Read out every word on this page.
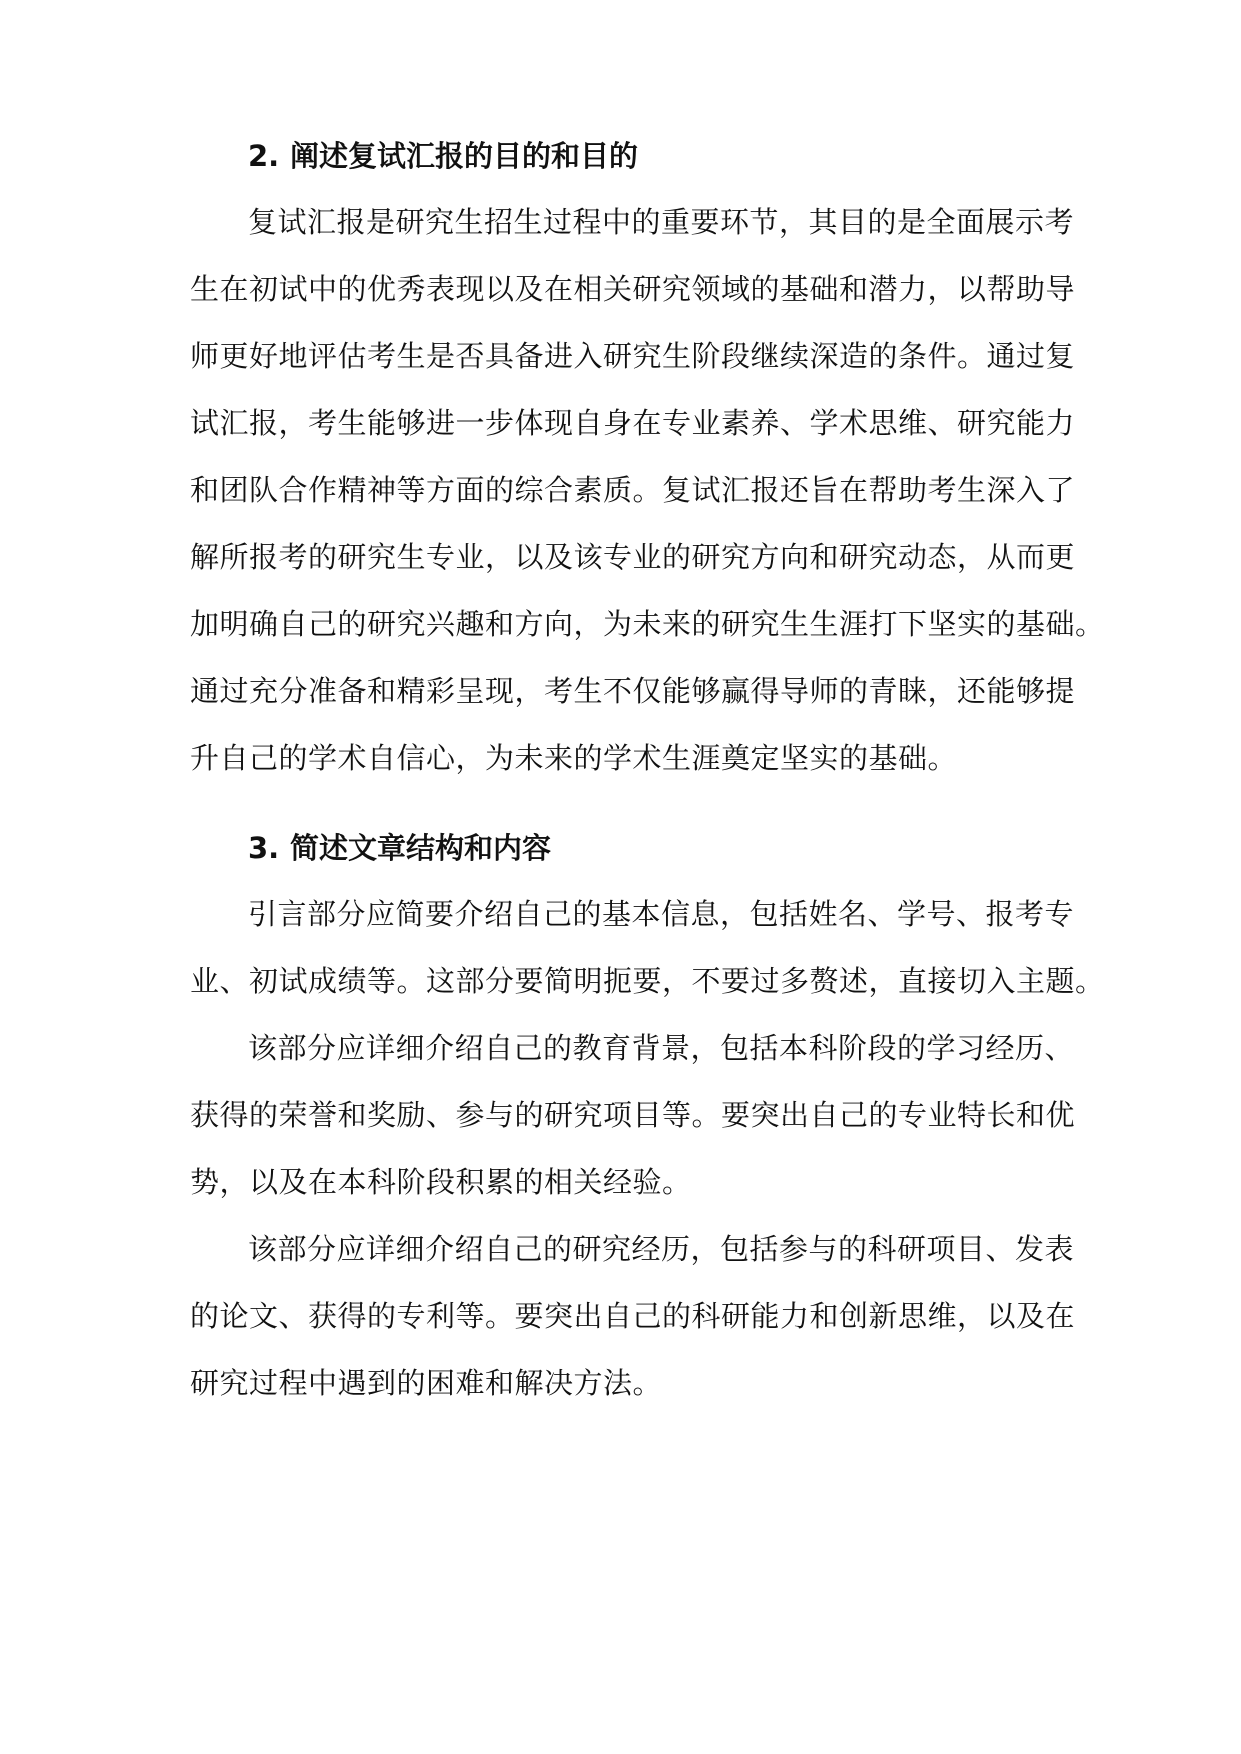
2. 阐述复试汇报的目的和目的
复试汇报是研究生招生过程中的重要环节，其目的是全面展示考
生在初试中的优秀表现以及在相关研究领域的基础和潜力，以帮助导
师更好地评估考生是否具备进入研究生阶段继续深造的条件。通过复
试汇报，考生能够进一步体现自身在专业素养、学术思维、研究能力
和团队合作精神等方面的综合素质。复试汇报还旨在帮助考生深入了
解所报考的研究生专业，以及该专业的研究方向和研究动态，从而更
加明确自己的研究兴趣和方向，为未来的研究生生涯打下坚实的基础。
通过充分准备和精彩呈现，考生不仅能够赢得导师的青睐，还能够提
升自己的学术自信心，为未来的学术生涯奠定坚实的基础。
3. 简述文章结构和内容
引言部分应简要介绍自己的基本信息，包括姓名、学号、报考专
业、初试成绩等。这部分要简明扼要，不要过多赘述，直接切入主题。
该部分应详细介绍自己的教育背景，包括本科阶段的学习经历、
获得的荣誉和奖励、参与的研究项目等。要突出自己的专业特长和优
势，以及在本科阶段积累的相关经验。
该部分应详细介绍自己的研究经历，包括参与的科研项目、发表
的论文、获得的专利等。要突出自己的科研能力和创新思维，以及在
研究过程中遇到的困难和解决方法。
